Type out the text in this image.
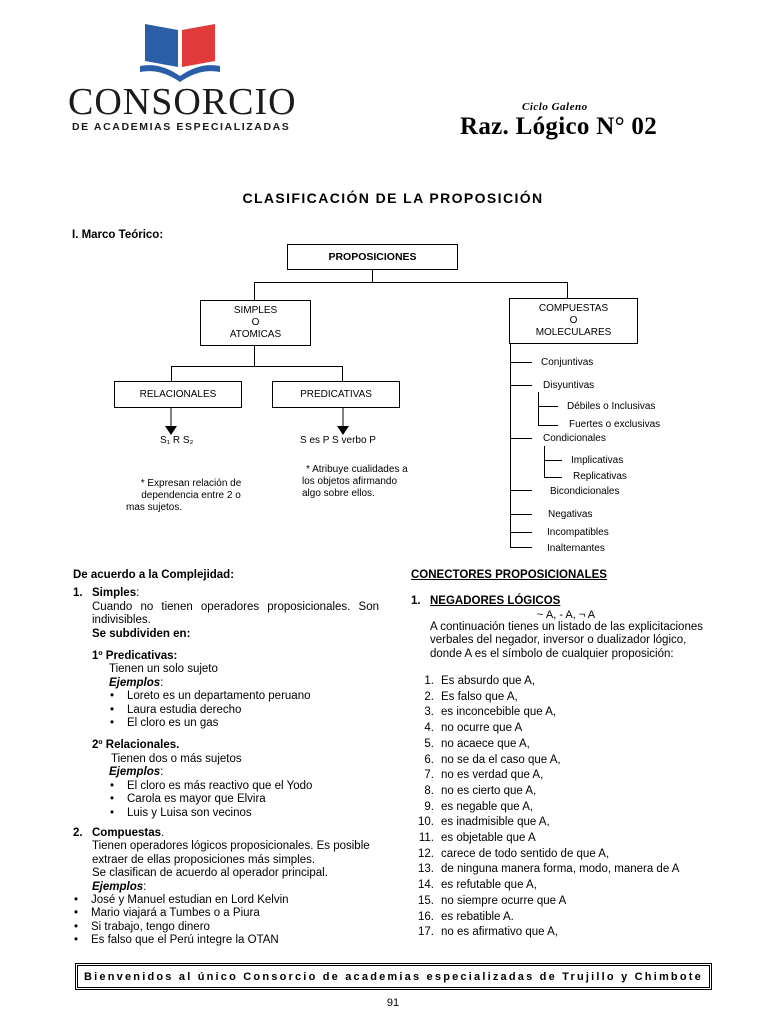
CONSORCIO
DE ACADEMIAS ESPECIALIZADAS
Ciclo Galeno
Raz. Lógico N° 02
CLASIFICACIÓN DE LA PROPOSICIÓN
I. Marco Teórico:
PROPOSICIONES
SIMPLES
O
ATOMICAS
COMPUESTAS
O
MOLECULARES
RELACIONALES	PREDICATIVAS
S₁ R S₂	S es P S verbo P
* Expresan relación de
dependencia entre 2 o
mas sujetos.
* Atribuye cualidades a
los objetos afirmando
algo sobre ellos.
Conjuntivas
Disyuntivas
Débiles o Inclusivas
Fuertes o exclusivas
Condicionales
Implicativas
Replicativas
Bicondicionales
Negativas
Incompatibles
Inalternantes
De acuerdo a la Complejidad:
1. Simples:
Cuando no tienen operadores proposicionales. Son indivisibles.
Se subdividen en:
1º Predicativas:
Tienen un solo sujeto
Ejemplos:
• Loreto es un departamento peruano
• Laura estudia derecho
• El cloro es un gas
2º Relacionales.
Tienen dos o más sujetos
Ejemplos:
• El cloro es más reactivo que el Yodo
• Carola es mayor que Elvira
• Luis y Luisa son vecinos
2. Compuestas.
Tienen operadores lógicos proposicionales. Es posible extraer de ellas proposiciones más simples.
Se clasifican de acuerdo al operador principal.
Ejemplos:
• José y Manuel estudian en Lord Kelvin
• Mario viajará a Tumbes o a Piura
• Si trabajo, tengo dinero
• Es falso que el Perú integre la OTAN
CONECTORES PROPOSICIONALES
1. NEGADORES LÓGICOS
~ A, - A, ¬ A
A continuación tienes un listado de las explicitaciones verbales del negador, inversor o dualizador lógico, donde A es el símbolo de cualquier proposición:
1. Es absurdo que A,
2. Es falso que A,
3. es inconcebible que A,
4. no ocurre que A
5. no acaece que A,
6. no se da el caso que A,
7. no es verdad que A,
8. no es cierto que A,
9. es negable que A,
10. es inadmisible que A,
11. es objetable que A
12. carece de todo sentido de que A,
13. de ninguna manera forma, modo, manera de A
14. es refutable que A,
15. no siempre ocurre que A
16. es rebatible A.
17. no es afirmativo que A,
Bienvenidos al único Consorcio de academias especializadas de Trujillo y Chimbote
91
